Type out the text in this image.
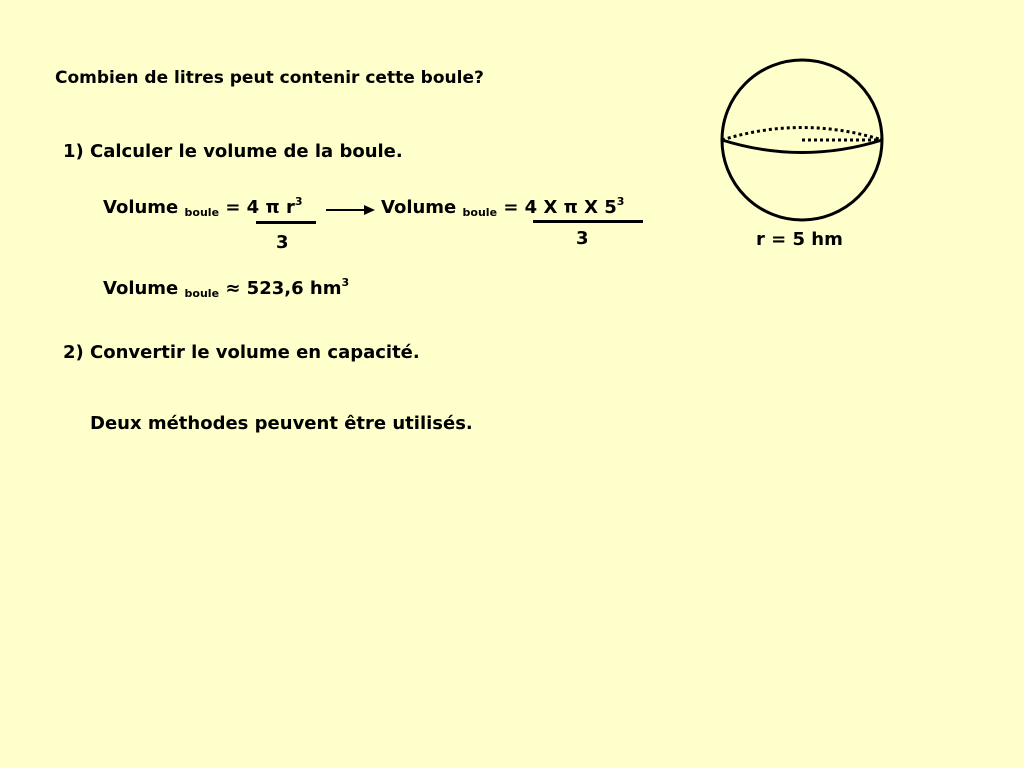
Combien de litres peut contenir cette boule?
1) Calculer le volume de la boule.
Volume boule = 4 π $r^3$
3
Volume boule = 4 X π X $5^3$
3
Volume boule ≈ 523,6 $hm^3$
2) Convertir le volume en capacité.
Deux méthodes peuvent être utilisés.
r = 5 hm
